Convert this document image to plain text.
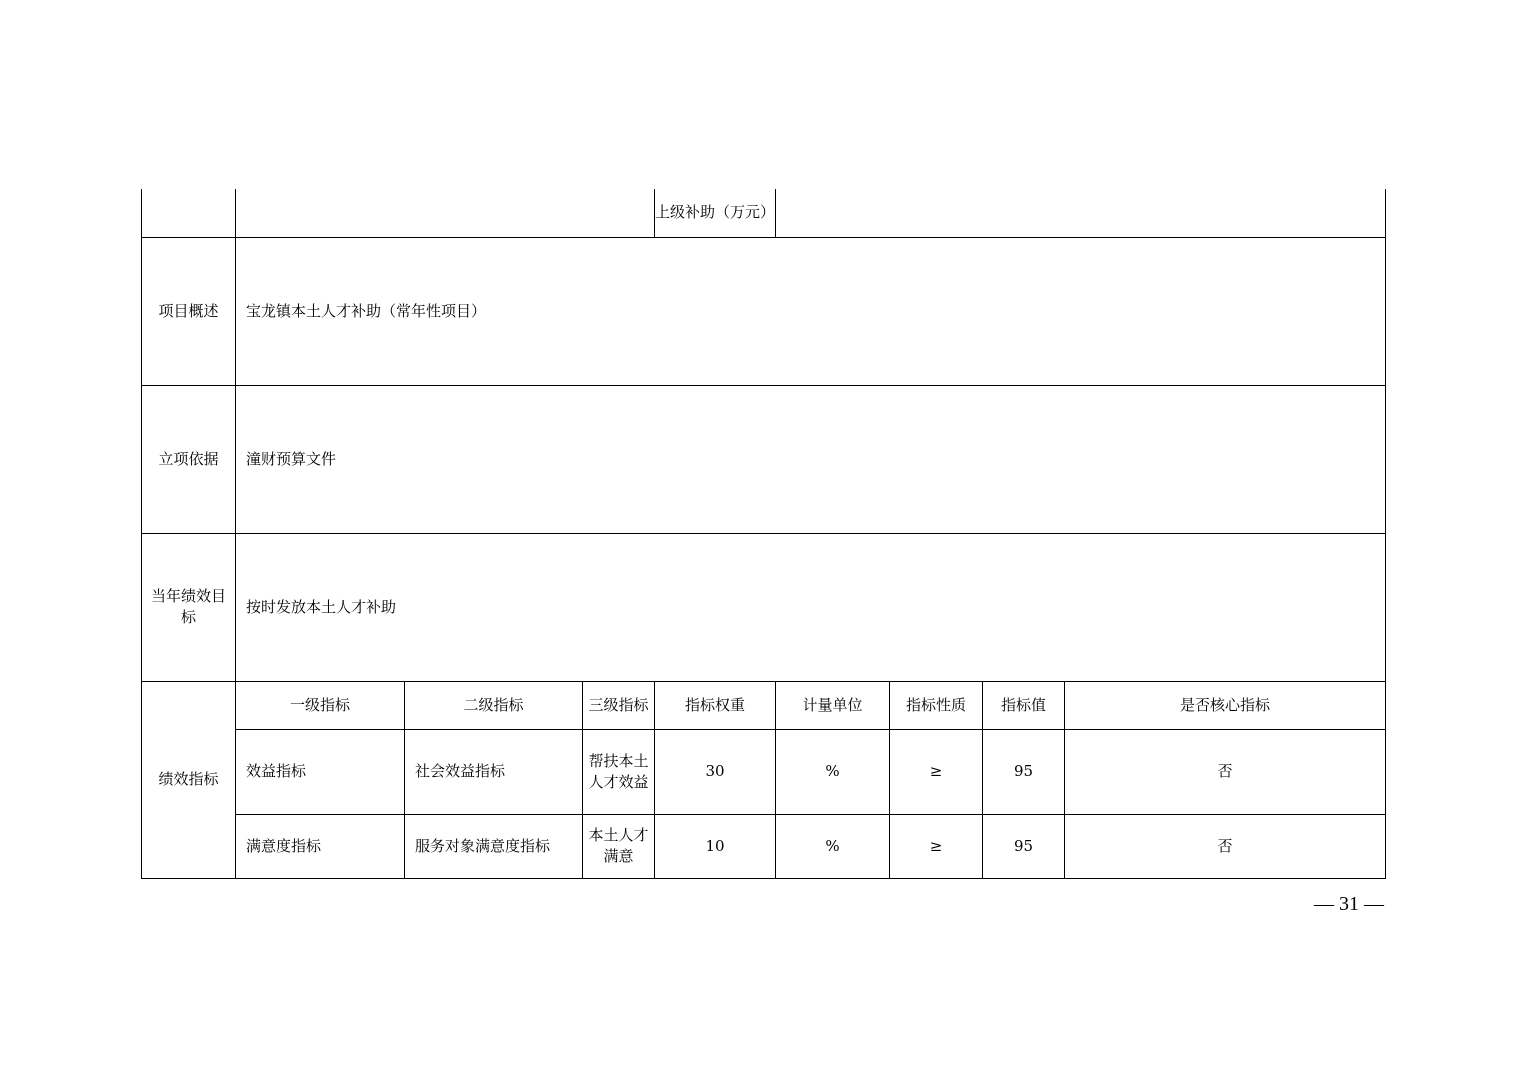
				上级补助（万元）				
项目概述	宝龙镇本土人才补助（常年性项目）							
立项依据	潼财预算文件							
当年绩效目标	按时发放本土人才补助							
绩效指标	一级指标	二级指标	三级指标	指标权重	计量单位	指标性质	指标值	是否核心指标
	效益指标	社会效益指标	帮扶本土人才效益	30	%	≥	95	否
	满意度指标	服务对象满意度指标	本土人才满意	10	%	≥	95	否
— 31 —
